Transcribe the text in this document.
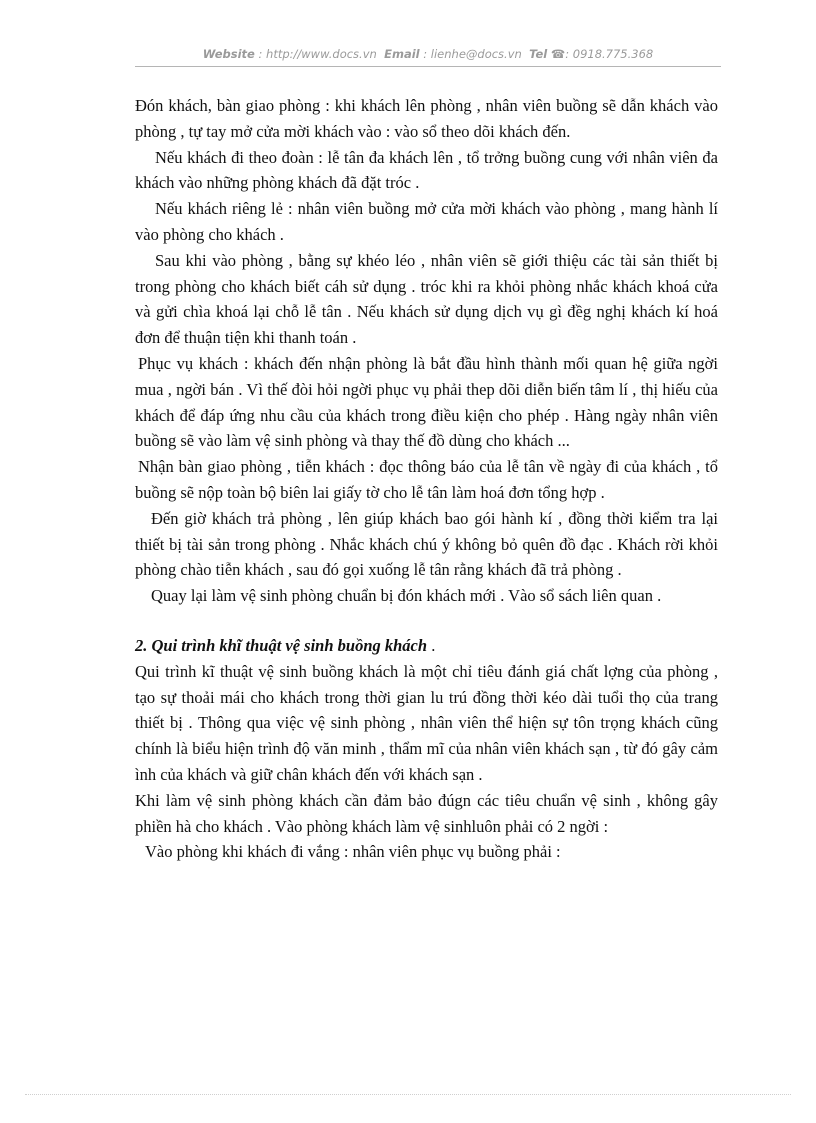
Website : http://www.docs.vn Email : lienhe@docs.vn Tel ☎: 0918.775.368

Đón khách, bàn giao phòng : khi khách lên phòng , nhân viên buồng sẽ dẫn khách vào phòng , tự tay mở cửa mời khách vào : vào sổ theo dõi khách đến.

Nếu khách đi theo đoàn : lễ tân đa khách lên , tổ trởng buồng cung với nhân viên đa khách vào những phòng khách đã đặt tróc .

Nếu khách riêng lẻ : nhân viên buồng mở cửa mời khách vào phòng , mang hành lí vào phòng cho khách .

Sau khi vào phòng , bằng sự khéo léo , nhân viên sẽ giới thiệu các tài sản thiết bị trong phòng cho khách biết cáh sử dụng . tróc khi ra khỏi phòng nhắc khách khoá cửa và gửi chìa khoá lại chỗ lễ tân . Nếu khách sử dụng dịch vụ gì đềg nghị khách kí hoá đơn để thuận tiện khi thanh toán .

Phục vụ khách : khách đến nhận phòng là bắt đầu hình thành mối quan hệ giữa ngời mua , ngời bán . Vì thế đòi hỏi ngời phục vụ phải thep dõi diễn biến tâm lí , thị hiếu của khách để đáp ứng nhu cầu của khách trong điều kiện cho phép . Hàng ngày nhân viên buồng sẽ vào làm vệ sinh phòng và thay thế đồ dùng cho khách ...

Nhận bàn giao phòng , tiễn khách : đọc thông báo của lễ tân về ngày đi của khách , tổ buồng sẽ nộp toàn bộ biên lai giấy tờ cho lễ tân làm hoá đơn tổng hợp .

Đến giờ khách trả phòng , lên giúp khách bao gói hành kí , đồng thời kiểm tra lại thiết bị tài sản trong phòng . Nhắc khách chú ý không bỏ quên đồ đạc . Khách rời khỏi phòng chào tiễn khách , sau đó gọi xuống lễ tân rằng khách đã trả phòng .

Quay lại làm vệ sinh phòng chuẩn bị đón khách mới . Vào sổ sách liên quan .

2. Qui trình khĩ thuật vệ sinh buồng khách .

Qui trình kĩ thuật vệ sinh buồng khách là một chỉ tiêu đánh giá chất lợng của phòng , tạo sự thoải mái cho khách trong thời gian lu trú đồng thời kéo dài tuổi thọ của trang thiết bị . Thông qua việc vệ sinh phòng , nhân viên thể hiện sự tôn trọng khách cũng chính là biểu hiện trình độ văn minh , thẩm mĩ của nhân viên khách sạn , từ đó gây cảm ình của khách và giữ chân khách đến với khách sạn .

Khi làm vệ sinh phòng khách cần đảm bảo đúgn các tiêu chuẩn vệ sinh , không gây phiền hà cho khách . Vào phòng khách làm vệ sinhluôn phải có 2 ngời :

Vào phòng khi khách đi vắng : nhân viên phục vụ buồng phải :
